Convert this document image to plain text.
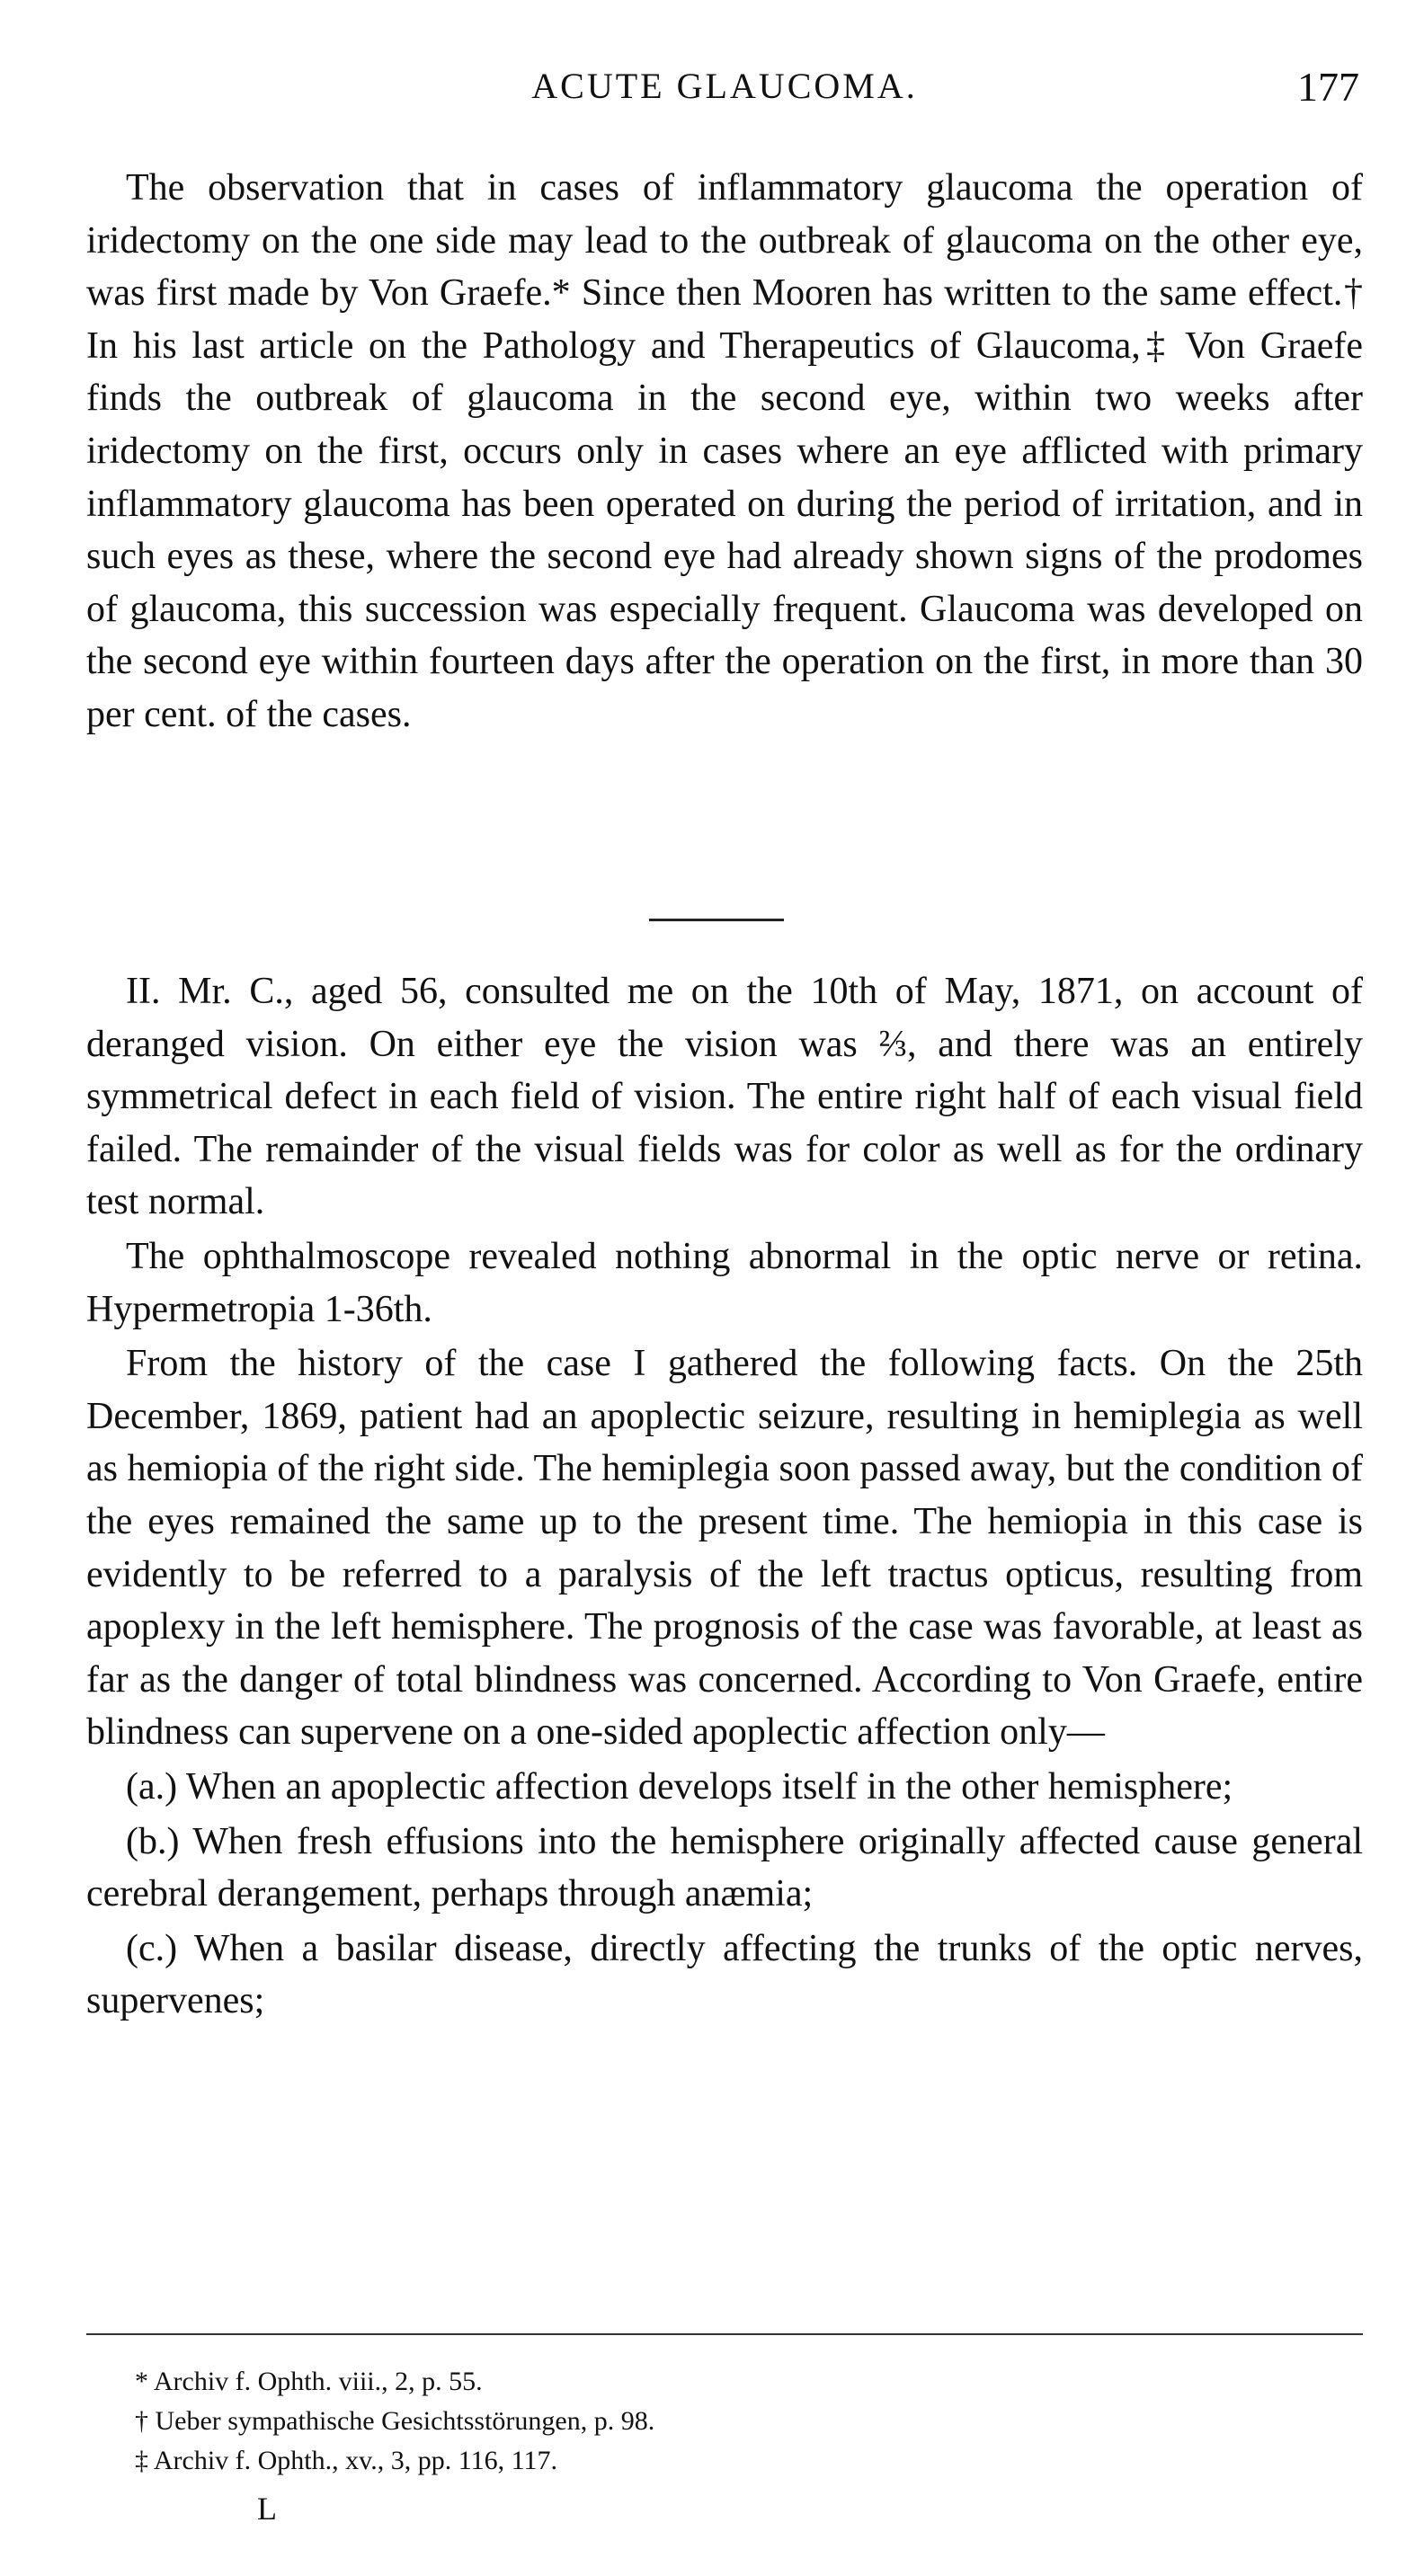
ACUTE GLAUCOMA.	177

The observation that in cases of inflammatory glaucoma the operation of iridectomy on the one side may lead to the outbreak of glaucoma on the other eye, was first made by Von Graefe.* Since then Mooren has written to the same effect.† In his last article on the Pathology and Therapeutics of Glaucoma,‡ Von Graefe finds the outbreak of glaucoma in the second eye, within two weeks after iridectomy on the first, occurs only in cases where an eye afflicted with primary inflammatory glaucoma has been operated on during the period of irritation, and in such eyes as these, where the second eye had already shown signs of the prodomes of glaucoma, this succession was especially frequent. Glaucoma was developed on the second eye within fourteen days after the operation on the first, in more than 30 per cent. of the cases.

II. Mr. C., aged 56, consulted me on the 10th of May, 1871, on account of deranged vision. On either eye the vision was ⅔, and there was an entirely symmetrical defect in each field of vision. The entire right half of each visual field failed. The remainder of the visual fields was for color as well as for the ordinary test normal.

The ophthalmoscope revealed nothing abnormal in the optic nerve or retina. Hypermetropia 1-36th.

From the history of the case I gathered the following facts. On the 25th December, 1869, patient had an apoplectic seizure, resulting in hemiplegia as well as hemiopia of the right side. The hemiplegia soon passed away, but the condition of the eyes remained the same up to the present time. The hemiopia in this case is evidently to be referred to a paralysis of the left tractus opticus, resulting from apoplexy in the left hemisphere. The prognosis of the case was favorable, at least as far as the danger of total blindness was concerned. According to Von Graefe, entire blindness can supervene on a one-sided apoplectic affection only—

(a.) When an apoplectic affection develops itself in the other hemisphere;

(b.) When fresh effusions into the hemisphere originally affected cause general cerebral derangement, perhaps through anæmia;

(c.) When a basilar disease, directly affecting the trunks of the optic nerves, supervenes;

* Archiv f. Ophth. viii., 2, p. 55.

† Ueber sympathische Gesichtsstörungen, p. 98.

‡ Archiv f. Ophth., xv., 3, pp. 116, 117.

L
